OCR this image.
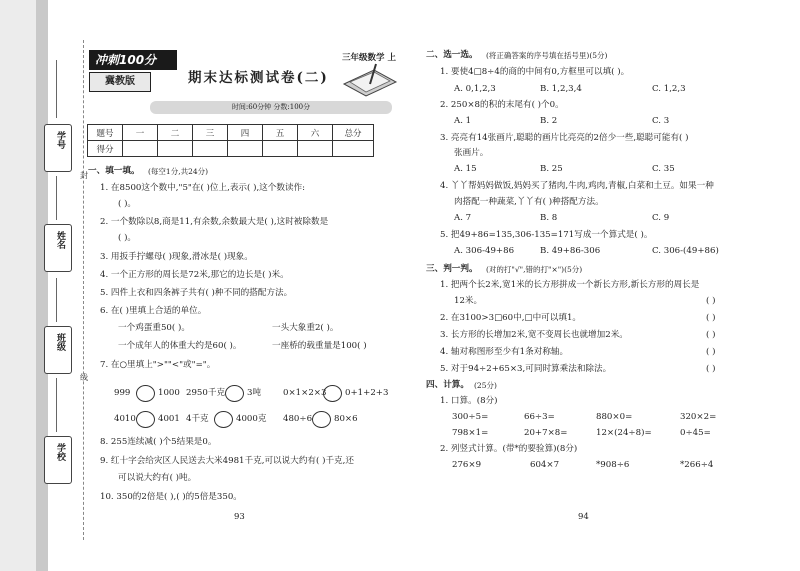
学号
姓名
班级
学校
封
线
冲刺100分
冀教版	期末达标测试卷(二)
三年级数学 上
时间:60分钟 分数:100分
题号	一	二	三	四	五	六	总分
得分							
一、填一填。 (每空1分,共24分)
1. 在8500这个数中,"5"在( )位上,表示( ),这个数读作:
( )。
2. 一个数除以8,商是11,有余数,余数最大是( ),这时被除数是
( )。
3. 用扳手拧螺母( )现象,滑冰是( )现象。
4. 一个正方形的周长是72米,那它的边长是( )米。
5. 四件上衣和四条裤子共有( )种不同的搭配方法。
6. 在( )里填上合适的单位。
一个鸡蛋重50( )。	一头大象重2( )。
一个成年人的体重大约是60( )。	一座桥的载重量是100( )
7. 在○里填上">""<"或"="。
999	1000 2950千克	3吨	0×1×2×3 0+1+2+3
4010	4001 4千克	4000克 480÷6	80×6
8. 255连续减( )个5结果是0。
9. 红十字会给灾区人民送去大米4981千克,可以说大约有( )千克,还
可以说大约有( )吨。
10. 350的2倍是( ),( )的5倍是350。
93
二、选一选。 (将正确答案的序号填在括号里)(5分)
1. 要使4□8÷4的商的中间有0,方框里可以填( )。
A. 0,1,2,3	B. 1,2,3,4	C. 1,2,3
2. 250×8的积的末尾有( )个0。
A. 1	B. 2	C. 3
3. 亮亮有14张画片,聪聪的画片比亮亮的2倍少一些,聪聪可能有( )
张画片。
A. 15	B. 25	C. 35
4. 丫丫帮妈妈做饭,妈妈买了猪肉,牛肉,鸡肉,青椒,白菜和土豆。如果一种
肉搭配一种蔬菜,丫丫有( )种搭配方法。
A. 7	B. 8	C. 9
5. 把49+86=135,306-135=171写成一个算式是( )。
A. 306-49+86	B. 49+86-306	C. 306-(49+86)
三、判一判。 (对的打"√",错的打"×")(5分)
1. 把两个长2米,宽1米的长方形拼成一个新长方形,新长方形的周长是
12米。	( )
2. 在3100>3□60中,□中可以填1。	( )
3. 长方形的长增加2米,宽不变周长也就增加2米。	( )
4. 轴对称图形至少有1条对称轴。	( )
5. 对于94÷2+65×3,可同时算乘法和除法。	( )
四、计算。 (25分)
1. 口算。(8分)
300÷5=	66÷3=	880×0=	320×2=
798×1=	20+7×8=	12×(24÷8)=	0÷45=
2. 列竖式计算。(带*的要验算)(8分)
276×9	604×7	*908÷6	*266÷4
94
